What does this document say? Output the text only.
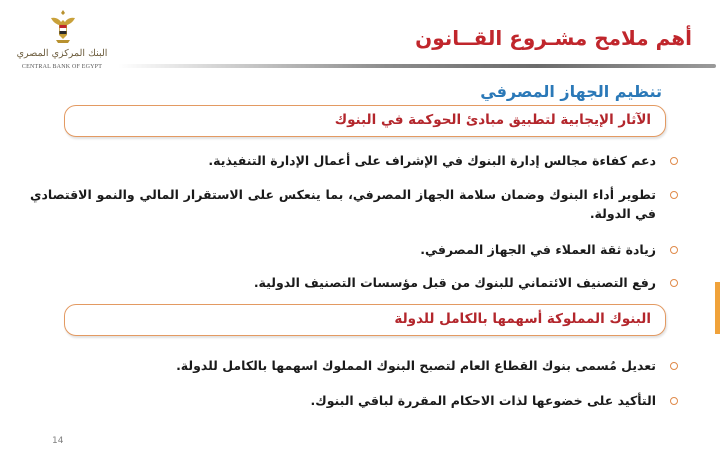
البنك المركزي المصري
CENTRAL BANK OF EGYPT
أهم ملامح مشـروع القــانون
تنظيم الجهاز المصرفي
الآثار الإيجابية لتطبيق مبادئ الحوكمة في البنوك
دعم كفاءة مجالس إدارة البنوك في الإشراف على أعمال الإدارة التنفيذية.
تطوير أداء البنوك وضمان سلامة الجهاز المصرفي، بما ينعكس على الاستقرار المالي والنمو الاقتصادي في الدولة.
زيادة ثقة العملاء في الجهاز المصرفي.
رفع التصنيف الائتماني للبنوك من قبل مؤسسات التصنيف الدولية.
البنوك المملوكة أسهمها بالكامل للدولة
تعديل مُسمى بنوك القطاع العام لتصبح البنوك المملوك اسهمها بالكامل للدولة.
التأكيد على خضوعها لذات الاحكام المقررة لباقي البنوك.
14
